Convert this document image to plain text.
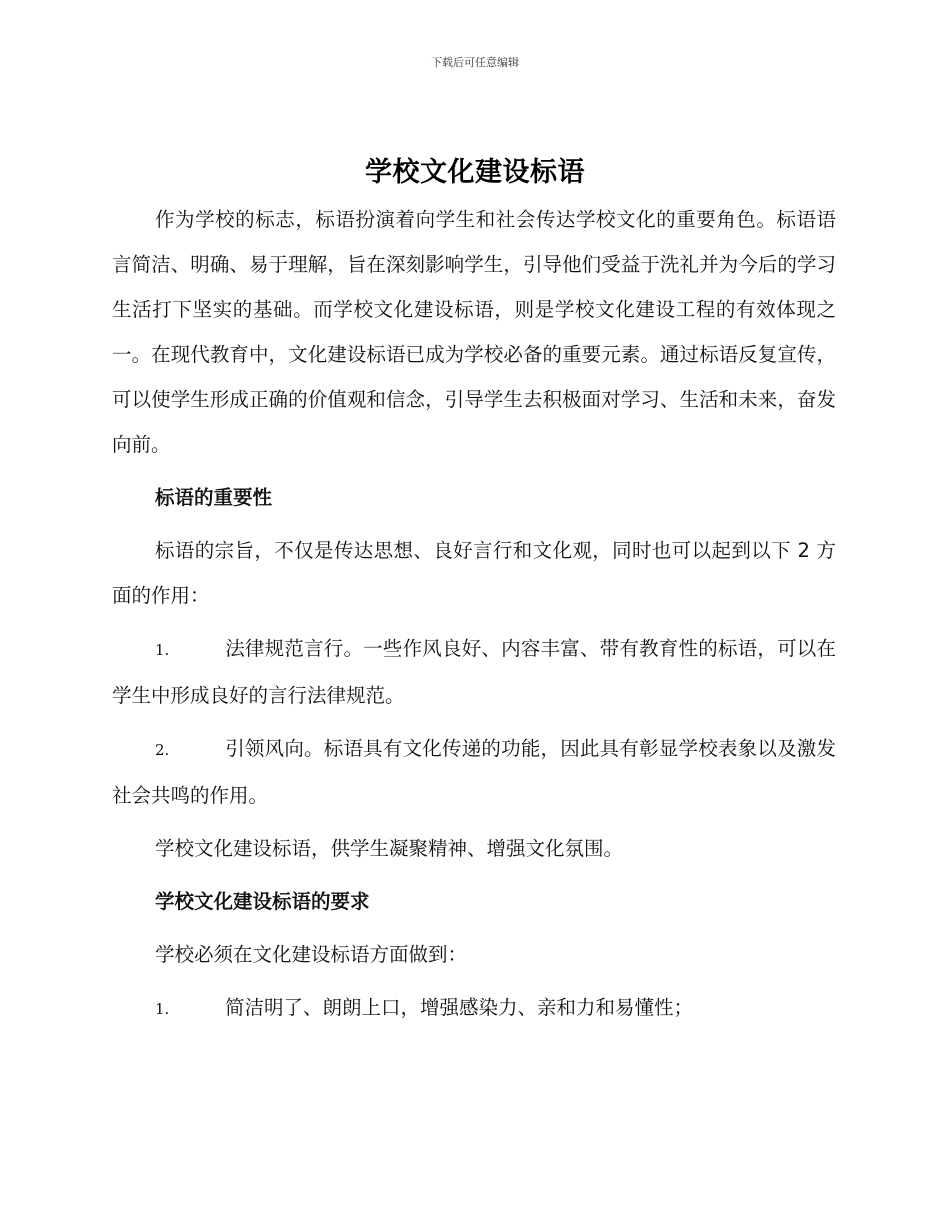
下载后可任意编辑
学校文化建设标语

作为学校的标志，标语扮演着向学生和社会传达学校文化的重要角色。标语语言简洁、明确、易于理解，旨在深刻影响学生，引导他们受益于洗礼并为今后的学习生活打下坚实的基础。而学校文化建设标语，则是学校文化建设工程的有效体现之一。在现代教育中，文化建设标语已成为学校必备的重要元素。通过标语反复宣传，可以使学生形成正确的价值观和信念，引导学生去积极面对学习、生活和未来，奋发向前。

标语的重要性

标语的宗旨，不仅是传达思想、良好言行和文化观，同时也可以起到以下 2 方面的作用：

1.	法律规范言行。一些作风良好、内容丰富、带有教育性的标语，可以在学生中形成良好的言行法律规范。

2.	引领风向。标语具有文化传递的功能，因此具有彰显学校表象以及激发社会共鸣的作用。

学校文化建设标语，供学生凝聚精神、增强文化氛围。

学校文化建设标语的要求

学校必须在文化建设标语方面做到：

1.	简洁明了、朗朗上口，增强感染力、亲和力和易懂性；
